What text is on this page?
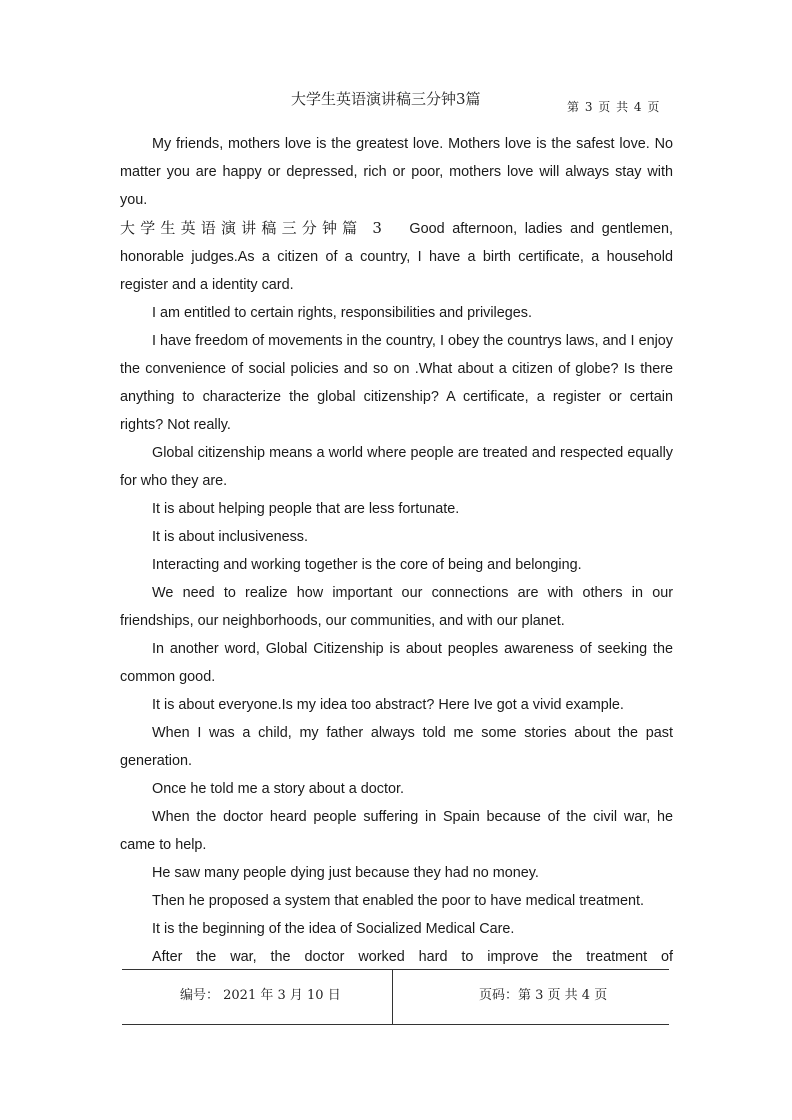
大学生英语演讲稿三分钟3篇	第 3 页 共 4 页

My friends, mothers love is the greatest love. Mothers love is the safest love. No matter you are happy or depressed, rich or poor, mothers love will always stay with you.

大学生英语演讲稿三分钟篇 3 Good afternoon, ladies and gentlemen, honorable judges.As a citizen of a country, I have a birth certificate, a household register and a identity card.

I am entitled to certain rights, responsibilities and privileges.

I have freedom of movements in the country, I obey the countrys laws, and I enjoy the convenience of social policies and so on .What about a citizen of globe? Is there anything to characterize the global citizenship? A certificate, a register or certain rights? Not really.

Global citizenship means a world where people are treated and respected equally for who they are.

It is about helping people that are less fortunate.

It is about inclusiveness.

Interacting and working together is the core of being and belonging.

We need to realize how important our connections are with others in our friendships, our neighborhoods, our communities, and with our planet.

In another word, Global Citizenship is about peoples awareness of seeking the common good.

It is about everyone.Is my idea too abstract? Here Ive got a vivid example.

When I was a child, my father always told me some stories about the past generation.

Once he told me a story about a doctor.

When the doctor heard people suffering in Spain because of the civil war, he came to help.

He saw many people dying just because they had no money.

Then he proposed a system that enabled the poor to have medical treatment.

It is the beginning of the idea of Socialized Medical Care.

After the war, the doctor worked hard to improve the treatment of

编号： 2021 年 3 月 10 日	页码：第 3 页 共 4 页
